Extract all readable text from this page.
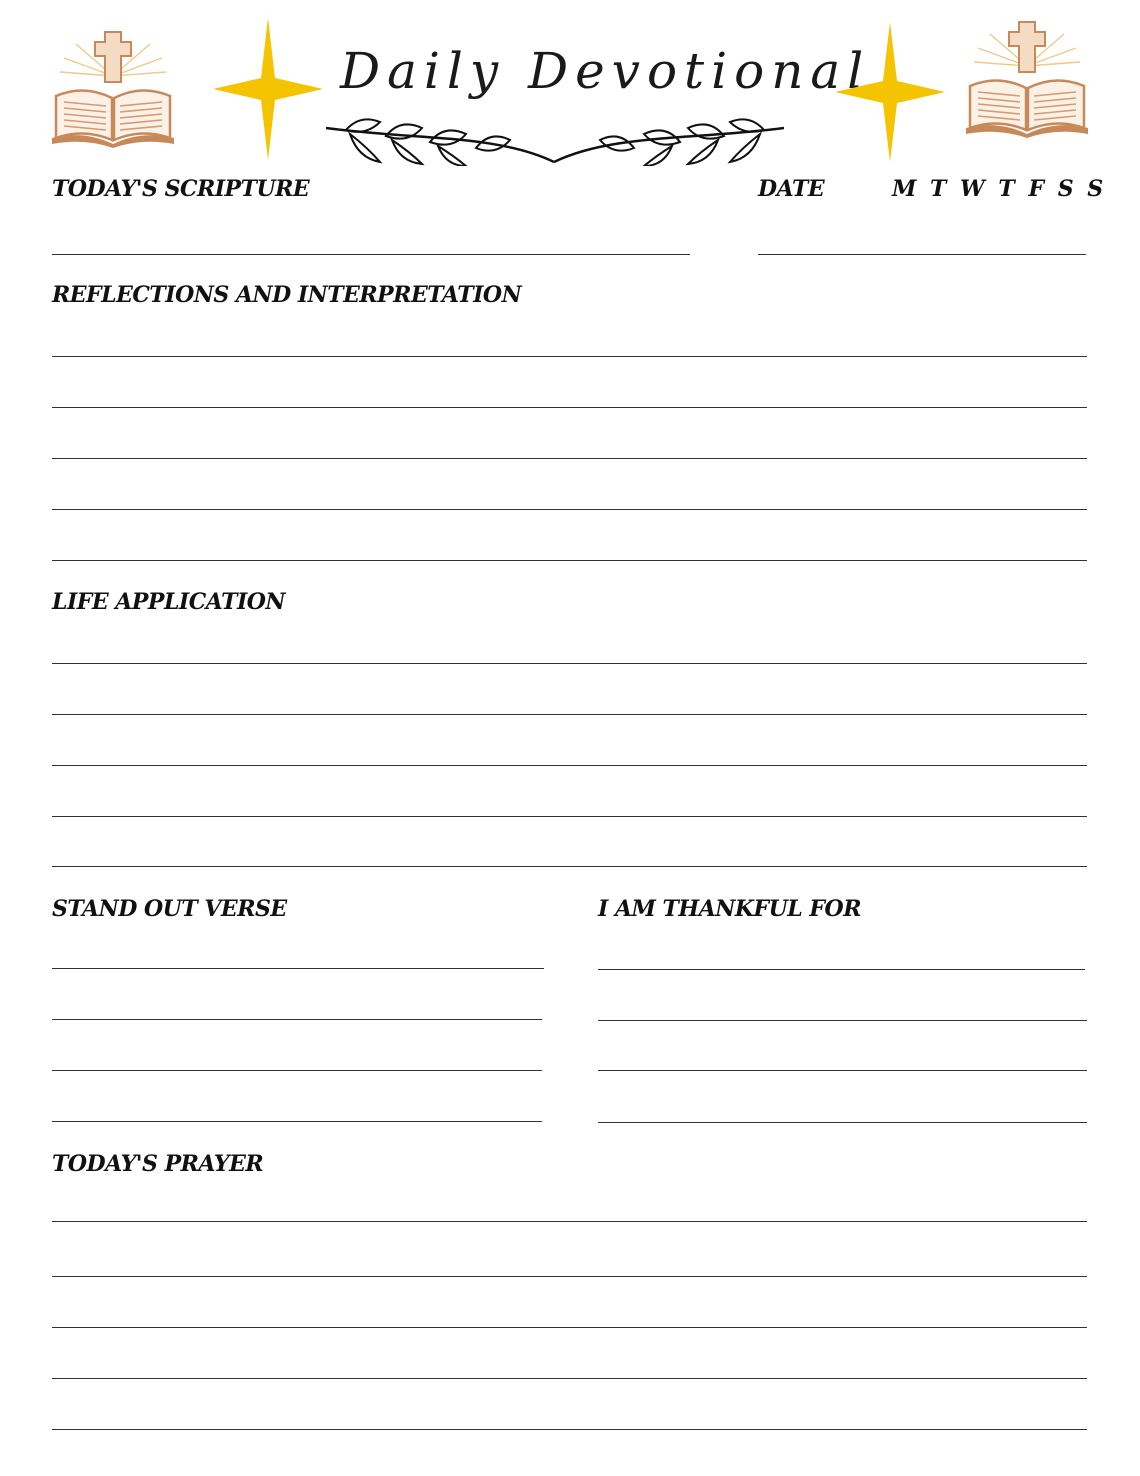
Daily Devotional
TODAY'S SCRIPTURE	DATE	M T W T F S S
REFLECTIONS AND INTERPRETATION
LIFE APPLICATION
STAND OUT VERSE	I AM THANKFUL FOR
TODAY'S PRAYER
